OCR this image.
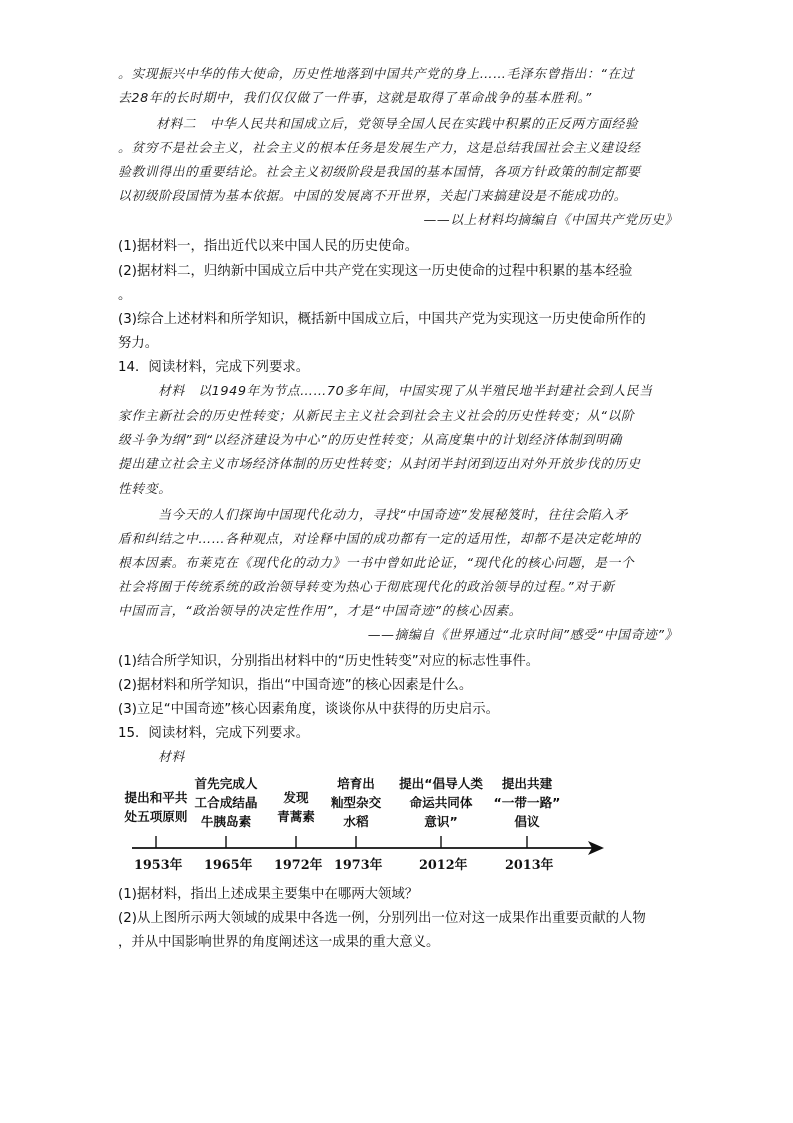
。实现振兴中华的伟大使命，历史性地落到中国共产党的身上……毛泽东曾指出：“在过
去28年的长时期中，我们仅仅做了一件事，这就是取得了革命战争的基本胜利。”
材料二　中华人民共和国成立后，党领导全国人民在实践中积累的正反两方面经验
。贫穷不是社会主义，社会主义的根本任务是发展生产力，这是总结我国社会主义建设经
验教训得出的重要结论。社会主义初级阶段是我国的基本国情，各项方针政策的制定都要
以初级阶段国情为基本依据。中国的发展离不开世界，关起门来搞建设是不能成功的。
——以上材料均摘编自《中国共产党历史》
(1)据材料一，指出近代以来中国人民的历史使命。
(2)据材料二，归纳新中国成立后中共产党在实现这一历史使命的过程中积累的基本经验
。
(3)综合上述材料和所学知识，概括新中国成立后，中国共产党为实现这一历史使命所作的
努力。
14．阅读材料，完成下列要求。
材料　以1949年为节点……70多年间，中国实现了从半殖民地半封建社会到人民当
家作主新社会的历史性转变；从新民主主义社会到社会主义社会的历史性转变；从“以阶
级斗争为纲”到“以经济建设为中心”的历史性转变；从高度集中的计划经济体制到明确
提出建立社会主义市场经济体制的历史性转变；从封闭半封闭到迈出对外开放步伐的历史
性转变。
当今天的人们探询中国现代化动力，寻找“中国奇迹”发展秘笈时，往往会陷入矛
盾和纠结之中……各种观点，对诠释中国的成功都有一定的适用性，却都不是决定乾坤的
根本因素。布莱克在《现代化的动力》一书中曾如此论证，“现代化的核心问题，是一个
社会将囿于传统系统的政治领导转变为热心于彻底现代化的政治领导的过程。”对于新
中国而言，“政治领导的决定性作用”，才是“中国奇迹”的核心因素。
——摘编自《世界通过“北京时间”感受“中国奇迹”》
(1)结合所学知识，分别指出材料中的“历史性转变”对应的标志性事件。
(2)据材料和所学知识，指出“中国奇迹”的核心因素是什么。
(3)立足“中国奇迹”核心因素角度，谈谈你从中获得的历史启示。
15．阅读材料，完成下列要求。
材料
提出和平共
处五项原则
首先完成人
工合成结晶
牛胰岛素
发现
青蒿素
培育出
籼型杂交
水稻
提出“倡导人类
命运共同体
意识”
提出共建
“一带一路”
倡议
1953年 1965年 1972年 1973年	2012年	2013年
(1)据材料，指出上述成果主要集中在哪两大领域？
(2)从上图所示两大领域的成果中各选一例，分别列出一位对这一成果作出重要贡献的人物
，并从中国影响世界的角度阐述这一成果的重大意义。
